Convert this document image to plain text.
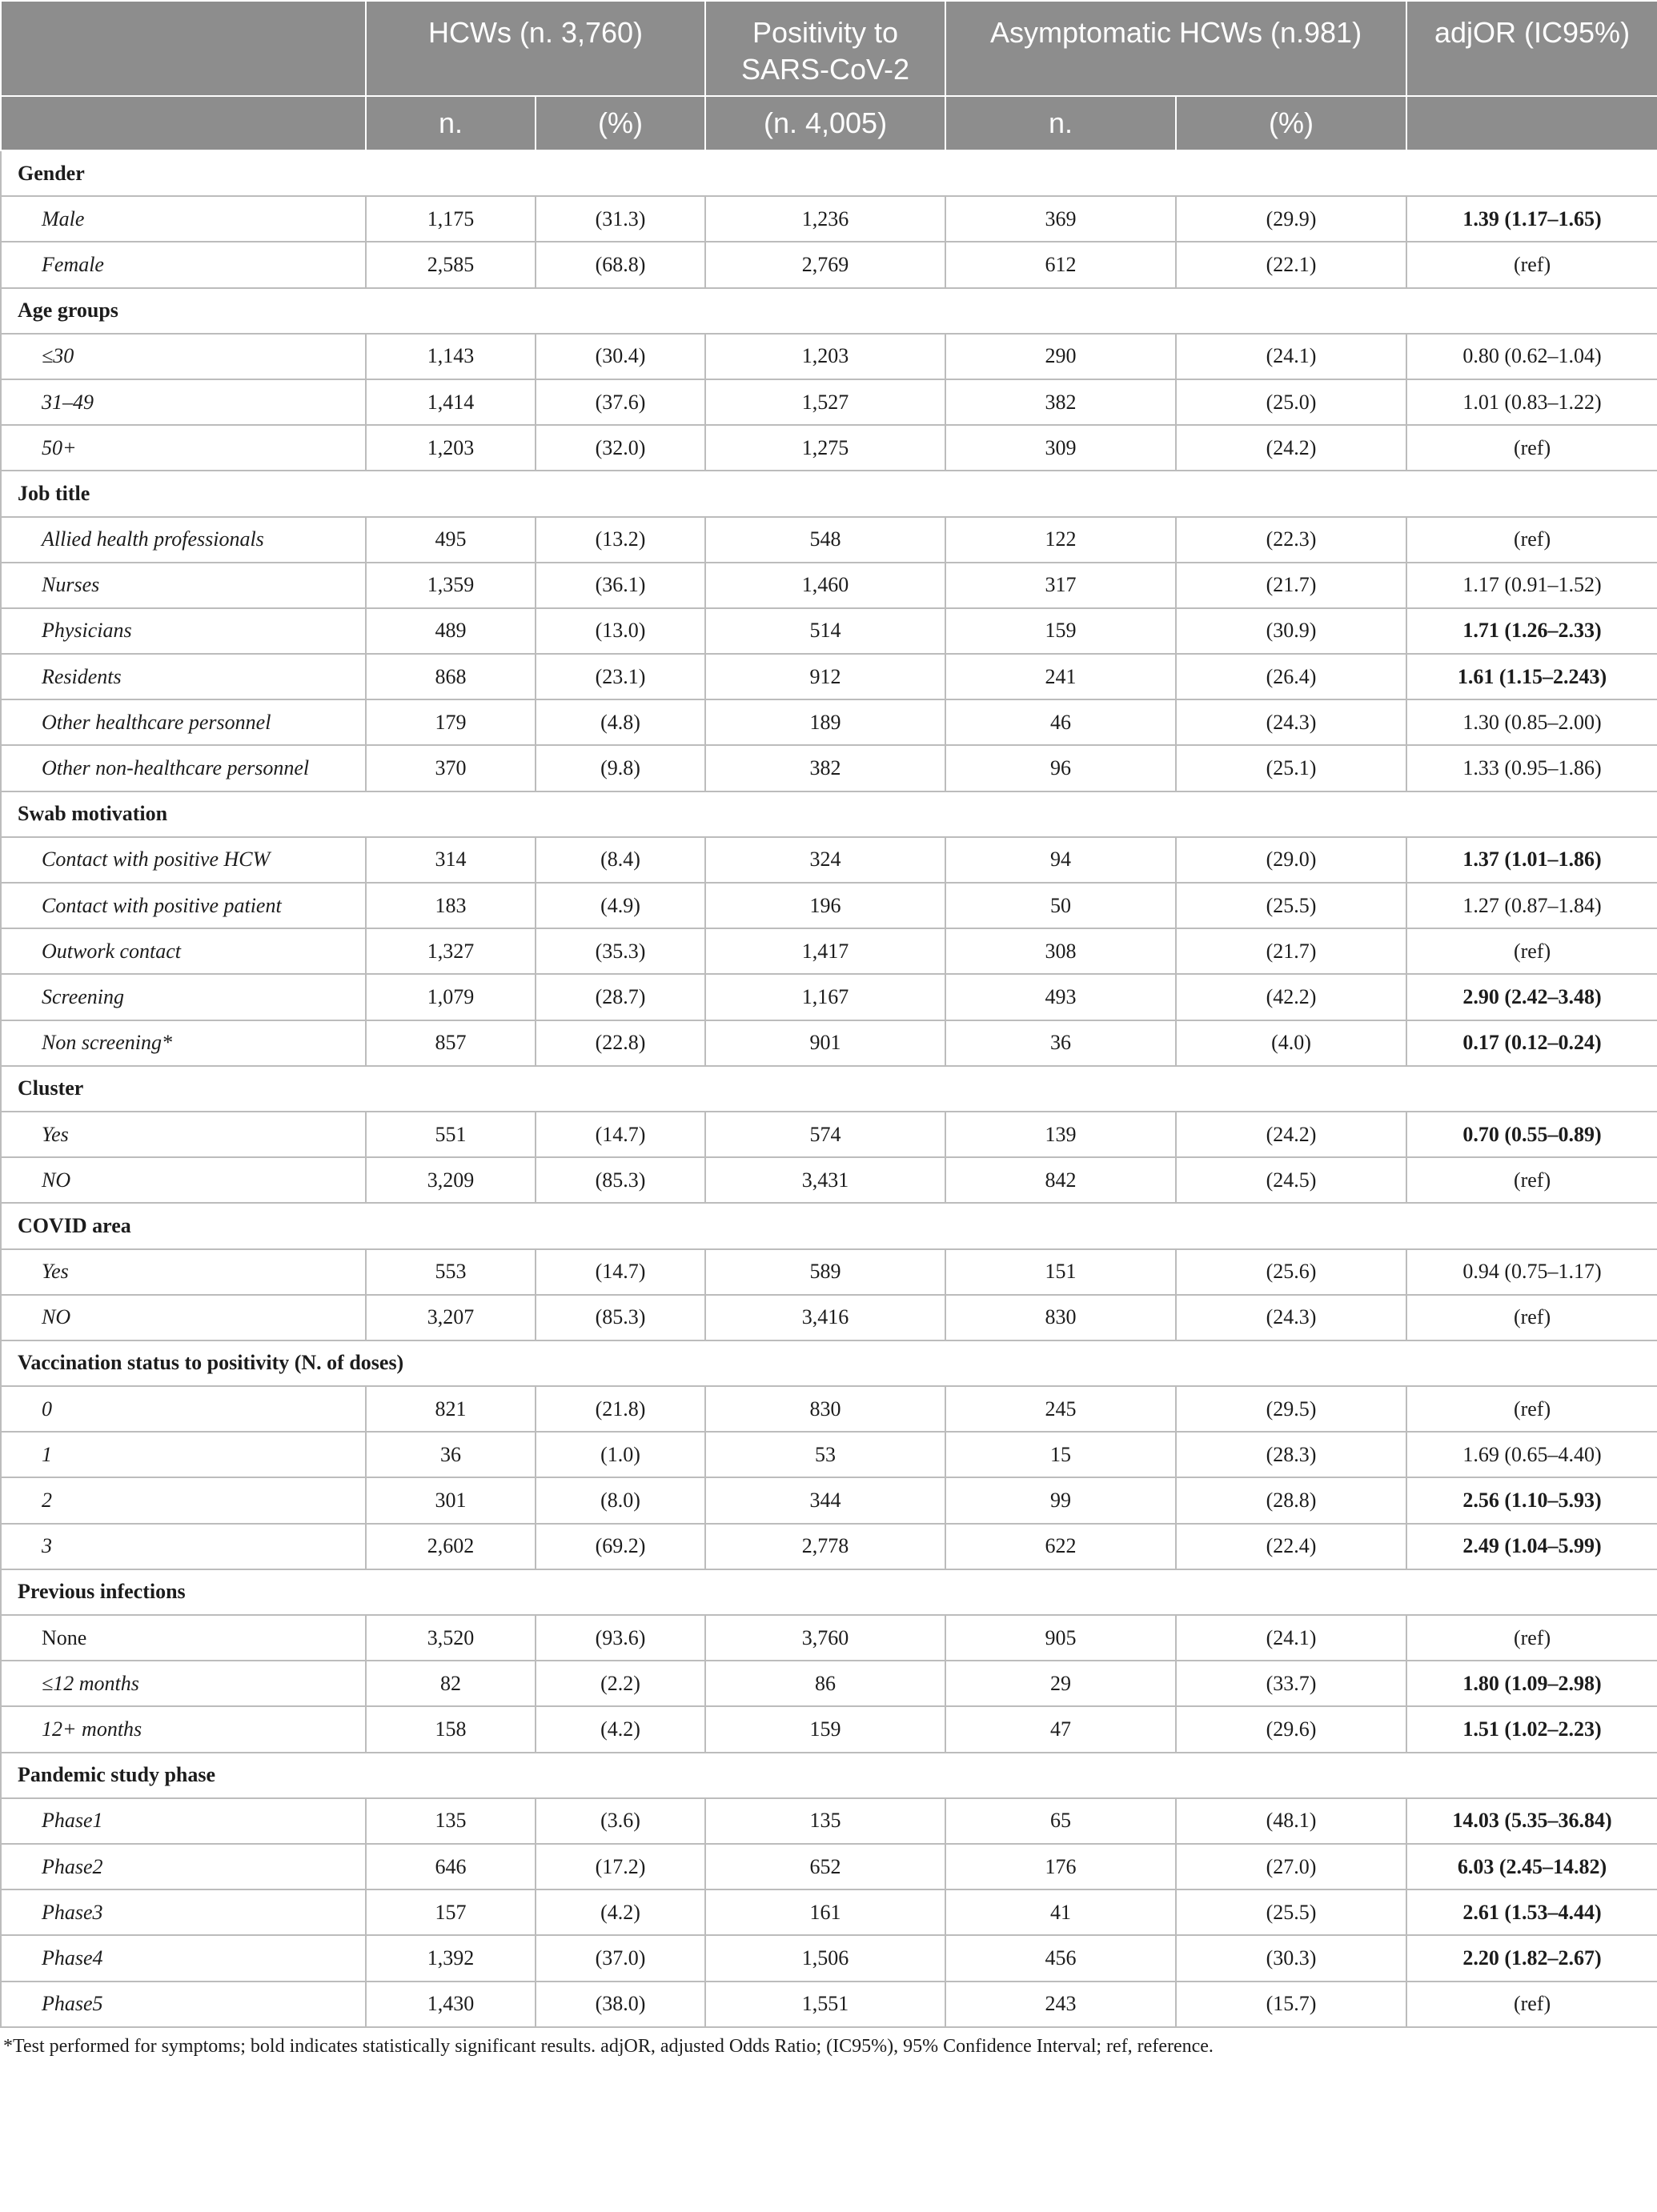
	HCWs (n. 3,760)		Positivity to SARS-CoV-2	Asymptomatic HCWs (n.981)		adjOR (IC95%)
	n.	(%)	(n. 4,005)	n.	(%)	
Gender						
Male	1,175	(31.3)	1,236	369	(29.9)	1.39 (1.17–1.65)
Female	2,585	(68.8)	2,769	612	(22.1)	(ref)
Age groups						
≤30	1,143	(30.4)	1,203	290	(24.1)	0.80 (0.62–1.04)
31–49	1,414	(37.6)	1,527	382	(25.0)	1.01 (0.83–1.22)
50+	1,203	(32.0)	1,275	309	(24.2)	(ref)
Job title						
Allied health professionals	495	(13.2)	548	122	(22.3)	(ref)
Nurses	1,359	(36.1)	1,460	317	(21.7)	1.17 (0.91–1.52)
Physicians	489	(13.0)	514	159	(30.9)	1.71 (1.26–2.33)
Residents	868	(23.1)	912	241	(26.4)	1.61 (1.15–2.243)
Other healthcare personnel	179	(4.8)	189	46	(24.3)	1.30 (0.85–2.00)
Other non-healthcare personnel	370	(9.8)	382	96	(25.1)	1.33 (0.95–1.86)
Swab motivation						
Contact with positive HCW	314	(8.4)	324	94	(29.0)	1.37 (1.01–1.86)
Contact with positive patient	183	(4.9)	196	50	(25.5)	1.27 (0.87–1.84)
Outwork contact	1,327	(35.3)	1,417	308	(21.7)	(ref)
Screening	1,079	(28.7)	1,167	493	(42.2)	2.90 (2.42–3.48)
Non screening*	857	(22.8)	901	36	(4.0)	0.17 (0.12–0.24)
Cluster						
Yes	551	(14.7)	574	139	(24.2)	0.70 (0.55–0.89)
NO	3,209	(85.3)	3,431	842	(24.5)	(ref)
COVID area						
Yes	553	(14.7)	589	151	(25.6)	0.94 (0.75–1.17)
NO	3,207	(85.3)	3,416	830	(24.3)	(ref)
Vaccination status to positivity (N. of doses)						
0	821	(21.8)	830	245	(29.5)	(ref)
1	36	(1.0)	53	15	(28.3)	1.69 (0.65–4.40)
2	301	(8.0)	344	99	(28.8)	2.56 (1.10–5.93)
3	2,602	(69.2)	2,778	622	(22.4)	2.49 (1.04–5.99)
Previous infections						
None	3,520	(93.6)	3,760	905	(24.1)	(ref)
≤12 months	82	(2.2)	86	29	(33.7)	1.80 (1.09–2.98)
12+ months	158	(4.2)	159	47	(29.6)	1.51 (1.02–2.23)
Pandemic study phase						
Phase1	135	(3.6)	135	65	(48.1)	14.03 (5.35–36.84)
Phase2	646	(17.2)	652	176	(27.0)	6.03 (2.45–14.82)
Phase3	157	(4.2)	161	41	(25.5)	2.61 (1.53–4.44)
Phase4	1,392	(37.0)	1,506	456	(30.3)	2.20 (1.82–2.67)
Phase5	1,430	(38.0)	1,551	243	(15.7)	(ref)
*Test performed for symptoms; bold indicates statistically significant results. adjOR, adjusted Odds Ratio; (IC95%), 95% Confidence Interval; ref, reference.
